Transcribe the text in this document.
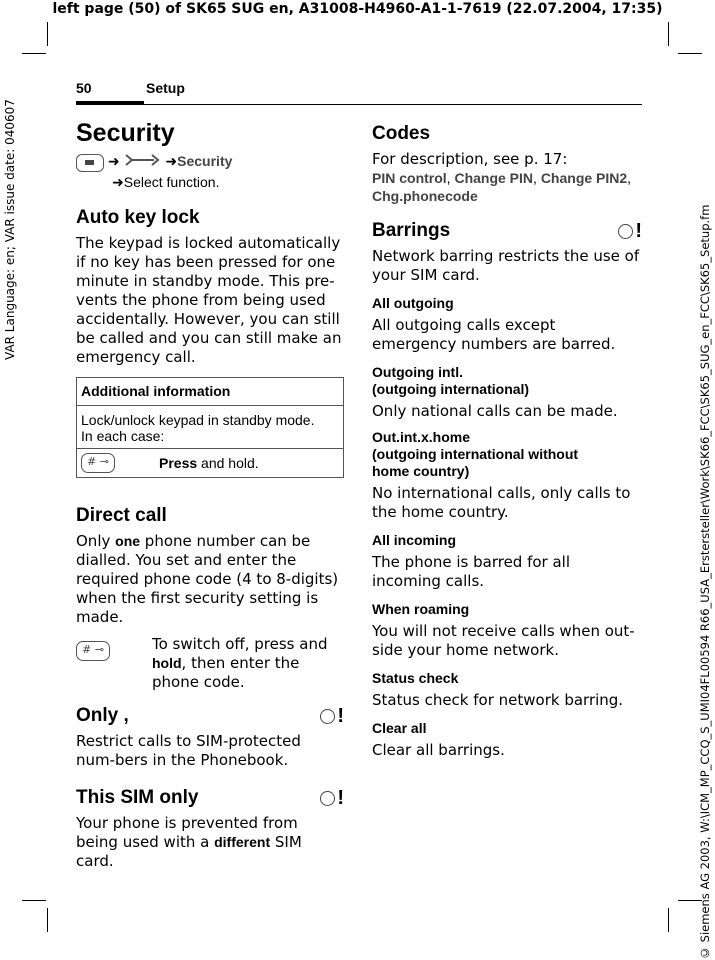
left page (50) of SK65 SUG en, A31008-H4960-A1-1-7619 (22.07.2004, 17:35)
VAR Language: en; VAR issue date: 040607	© Siemens AG 2003, W:\ICM_MP_CCQ_S_UMI04FL00594 R66_USA_Erstersteller\Work\SK66_FCC\SK65_SUG_en_FCC\SK65_Setup.fm
50	Setup
Security
➜	➜Security
➜Select function.
Auto key lock

The keypad is locked automatically if no key has been pressed for one minute in standby mode. This pre-vents the phone from being used accidentally. However, you can still be called and you can still make an emergency call.

Additional information
Lock/unlock keypad in standby mode.
In each case:
# ⊸	Press and hold.
Direct call

Only one phone number can be dialled. You set and enter the required phone code (4 to 8-digits) when the first security setting is made.

# ⊸	To switch off, press and hold, then enter the phone code.
Only ,	!

Restrict calls to SIM-protected num-bers in the Phonebook.

This SIM only	!

Your phone is prevented from being used with a different SIM card.

Codes

For description, see p. 17:

PIN control, Change PIN, Change PIN2,
Chg.phonecode
Barrings	!

Network barring restricts the use of your SIM card.

All outgoing

All outgoing calls except emergency numbers are barred.

Outgoing intl.
(outgoing international)

Only national calls can be made.

Out.int.x.home
(outgoing international without
home country)

No international calls, only calls to the home country.

All incoming

The phone is barred for all incoming calls.

When roaming

You will not receive calls when out-side your home network.

Status check

Status check for network barring.

Clear all

Clear all barrings.
